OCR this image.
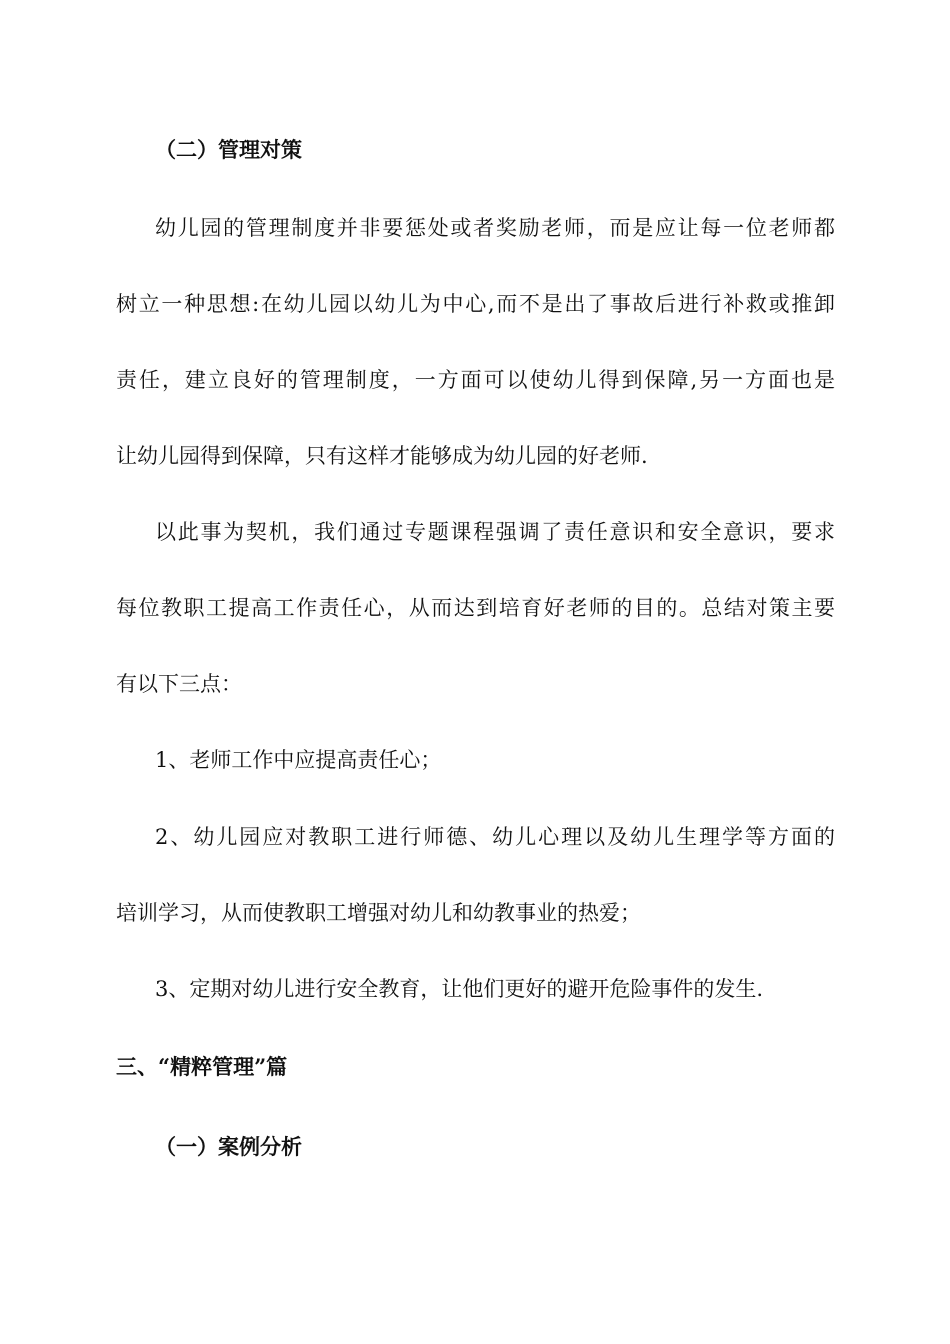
（二）管理对策
幼儿园的管理制度并非要惩处或者奖励老师，而是应让每一位老师都
树立一种思想:在幼儿园以幼儿为中心,而不是出了事故后进行补救或推卸
责任，建立良好的管理制度，一方面可以使幼儿得到保障,另一方面也是
让幼儿园得到保障，只有这样才能够成为幼儿园的好老师.
以此事为契机，我们通过专题课程强调了责任意识和安全意识，要求
每位教职工提高工作责任心，从而达到培育好老师的目的。总结对策主要
有以下三点：
1、老师工作中应提高责任心；
2、幼儿园应对教职工进行师德、幼儿心理以及幼儿生理学等方面的
培训学习，从而使教职工增强对幼儿和幼教事业的热爱；
3、定期对幼儿进行安全教育，让他们更好的避开危险事件的发生.
三、“精粹管理”篇
（一）案例分析
